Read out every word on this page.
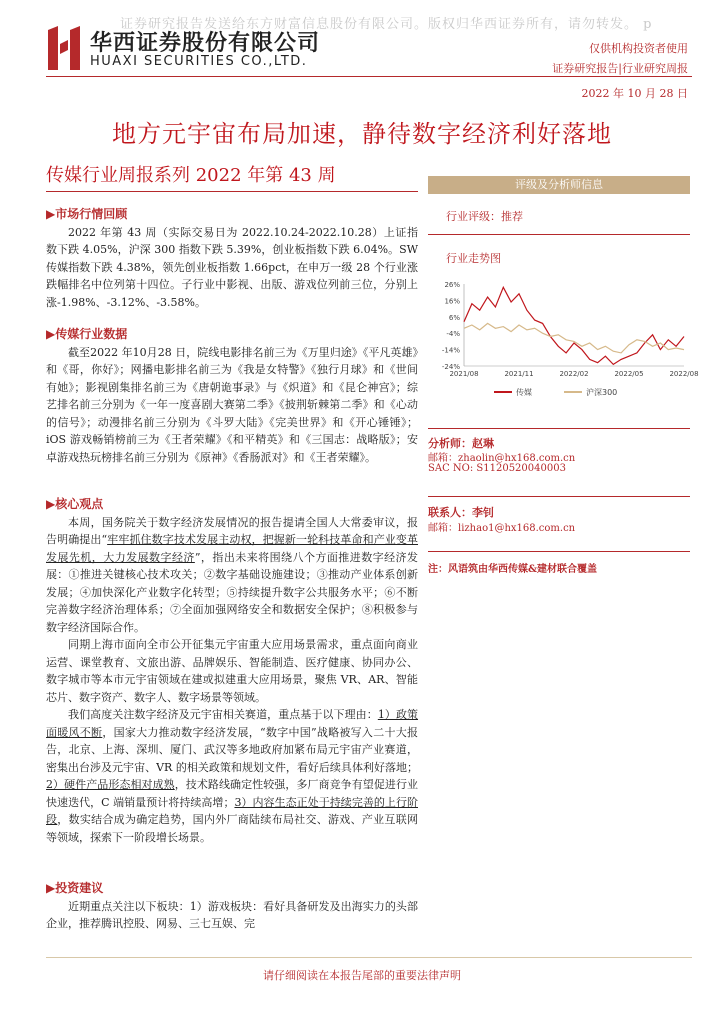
证券研究报告发送给东方财富信息股份有限公司。版权归华西证券所有，请勿转发。 p
华西证券股份有限公司
HUAXI SECURITIES CO.,LTD.
仅供机构投资者使用
证券研究报告|行业研究周报
2022 年 10 月 28 日
地方元宇宙布局加速，静待数字经济利好落地
传媒行业周报系列 2022 年第 43 周

▶市场行情回顾

2022 年第 43 周（实际交易日为 2022.10.24-2022.10.28）上证指数下跌 4.05%，沪深 300 指数下跌 5.39%，创业板指数下跌 6.04%。SW 传媒指数下跌 4.38%，领先创业板指数 1.66pct，在申万一级 28 个行业涨跌幅排名中位列第十四位。子行业中影视、出版、游戏位列前三位，分别上涨-1.98%、-3.12%、-3.58%。

▶传媒行业数据

截至2022 年10月28 日，院线电影排名前三为《万里归途》《平凡英雄》和《哥，你好》；网播电影排名前三为《我是女特警》《独行月球》和《世间有她》；影视剧集排名前三为《唐朝诡事录》与《炽道》和《昆仑神宫》；综艺排名前三分别为《一年一度喜剧大赛第二季》《披荆斩棘第二季》和《心动的信号》；动漫排名前三分别为《斗罗大陆》《完美世界》和《开心锤锤》；iOS 游戏畅销榜前三为《王者荣耀》《和平精英》和《三国志：战略版》；安卓游戏热玩榜排名前三分别为《原神》《香肠派对》和《王者荣耀》。

▶核心观点

本周，国务院关于数字经济发展情况的报告提请全国人大常委审议，报告明确提出“牢牢抓住数字技术发展主动权，把握新一轮科技革命和产业变革发展先机，大力发展数字经济”，指出未来将围绕八个方面推进数字经济发展：①推进关键核心技术攻关；②数字基础设施建设；③推动产业体系创新发展；④加快深化产业数字化转型；⑤持续提升数字公共服务水平；⑥不断完善数字经济治理体系；⑦全面加强网络安全和数据安全保护；⑧积极参与数字经济国际合作。

同期上海市面向全市公开征集元宇宙重大应用场景需求，重点面向商业运营、课堂教育、文旅出游、品牌娱乐、智能制造、医疗健康、协同办公、数字城市等本市元宇宙领域在建或拟建重大应用场景，聚焦 VR、AR、智能芯片、数字资产、数字人、数字场景等领域。

我们高度关注数字经济及元宇宙相关赛道，重点基于以下理由：1）政策面暖风不断，国家大力推动数字经济发展，“数字中国”战略被写入二十大报告，北京、上海、深圳、厦门、武汉等多地政府加紧布局元宇宙产业赛道，密集出台涉及元宇宙、VR 的相关政策和规划文件，看好后续具体利好落地；2）硬件产品形态相对成熟，技术路线确定性较强，多厂商竞争有望促进行业快速迭代，C 端销量预计将持续高增；3）内容生态正处于持续完善的上行阶段，数实结合成为确定趋势，国内外厂商陆续布局社交、游戏、产业互联网等领域，探索下一阶段增长场景。

▶投资建议

近期重点关注以下板块：1）游戏板块：看好具备研发及出海实力的头部企业，推荐腾讯控股、网易、三七互娱、完

评级及分析师信息
行业评级：推荐
行业走势图
26%
16%
6%
-4%
-14%
-24%
2021/08	2021/11	2022/02	2022/05	2022/08
传媒	沪深300
分析师：赵琳
邮箱：zhaolin@hx168.com.cn
SAC NO: S1120520040003
联系人：李钊
邮箱：lizhao1@hx168.com.cn
注：风语筑由华西传媒&建材联合覆盖
请仔细阅读在本报告尾部的重要法律声明
